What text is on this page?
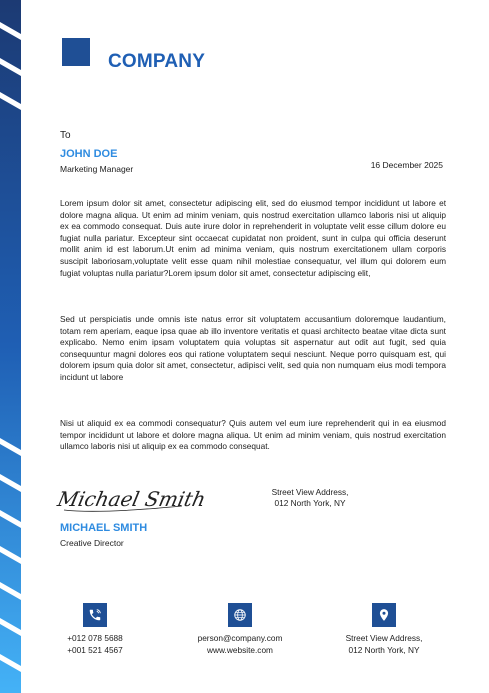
COMPANY
To
JOHN DOE
Marketing Manager	16 December 2025

Lorem ipsum dolor sit amet, consectetur adipiscing elit, sed do eiusmod tempor incididunt ut labore et dolore magna aliqua. Ut enim ad minim veniam, quis nostrud exercitation ullamco laboris nisi ut aliquip ex ea commodo consequat. Duis aute irure dolor in reprehenderit in voluptate velit esse cillum dolore eu fugiat nulla pariatur. Excepteur sint occaecat cupidatat non proident, sunt in culpa qui officia deserunt mollit anim id est laborum.Ut enim ad minima veniam, quis nostrum exercitationem ullam corporis suscipit laboriosam,voluptate velit esse quam nihil molestiae consequatur, vel illum qui dolorem eum fugiat voluptas nulla pariatur?Lorem ipsum dolor sit amet, consectetur adipiscing elit,

Sed ut perspiciatis unde omnis iste natus error sit voluptatem accusantium doloremque laudantium, totam rem aperiam, eaque ipsa quae ab illo inventore veritatis et quasi architecto beatae vitae dicta sunt explicabo. Nemo enim ipsam voluptatem quia voluptas sit aspernatur aut odit aut fugit, sed quia consequuntur magni dolores eos qui ratione voluptatem sequi nesciunt. Neque porro quisquam est, qui dolorem ipsum quia dolor sit amet, consectetur, adipisci velit, sed quia non numquam eius modi tempora incidunt ut labore

Nisi ut aliquid ex ea commodi consequatur? Quis autem vel eum iure reprehenderit qui in ea eiusmod tempor incididunt ut labore et dolore magna aliqua. Ut enim ad minim veniam, quis nostrud exercitation ullamco laboris nisi ut aliquip ex ea commodo consequat.

Michael Smith
MICHAEL SMITH
Creative Director
Street View Address,
012 North York, NY
+012 078 5688
+001 521 4567
person@company.com
www.website.com
Street View Address,
012 North York, NY
